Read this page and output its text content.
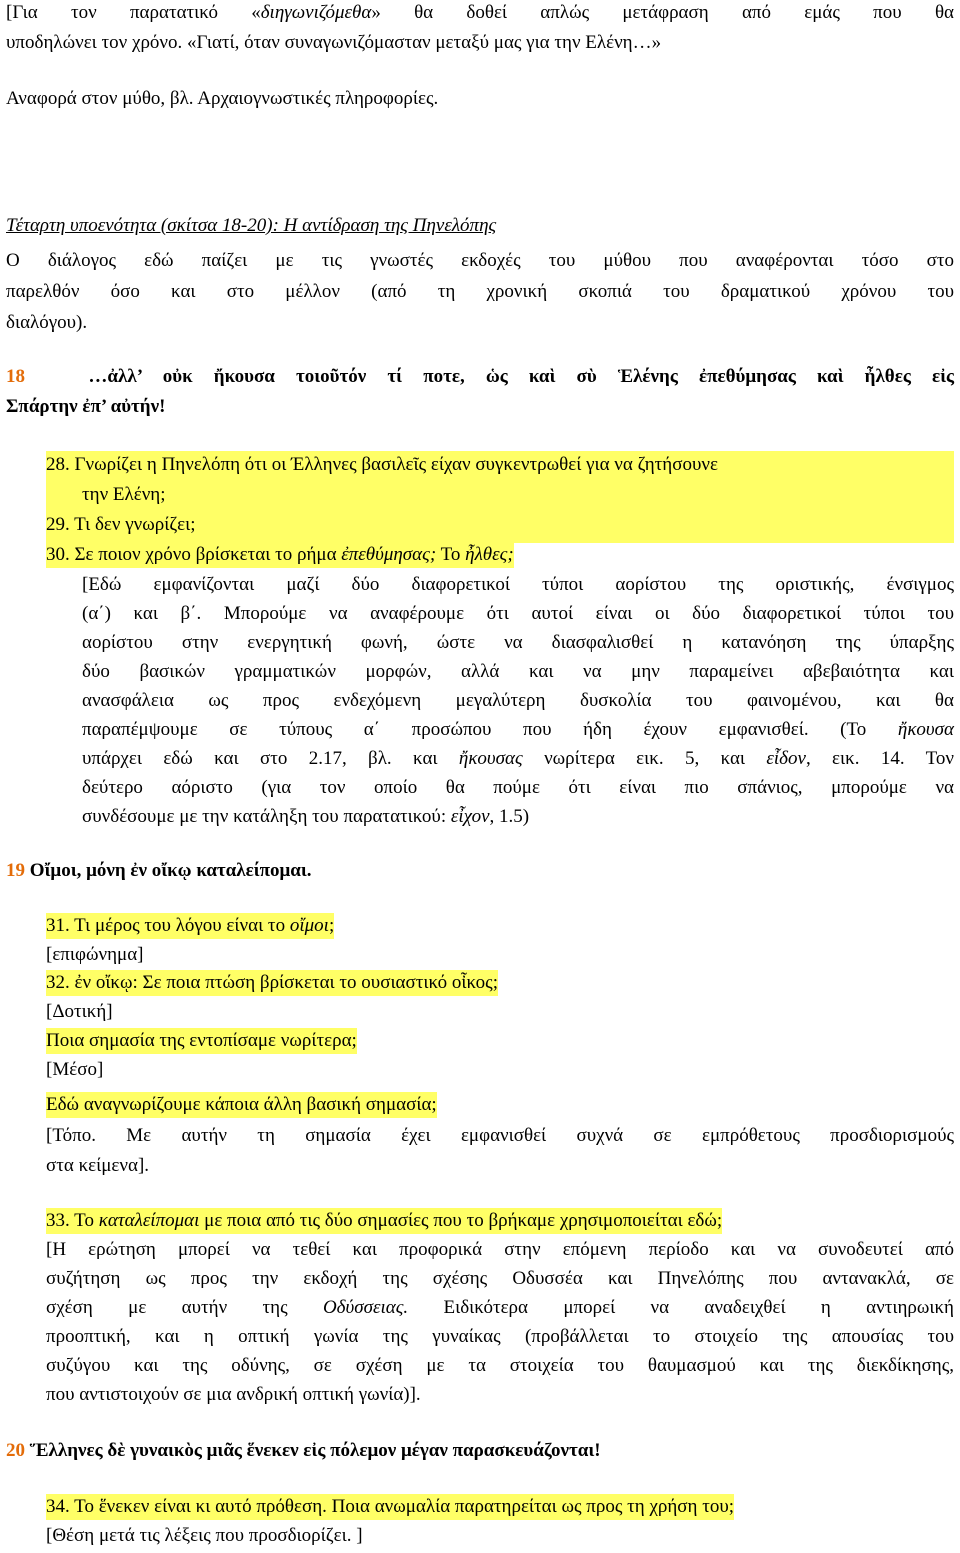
[Για τον παρατατικό «διηγωνιζόμεθα» θα δοθεί απλώς μετάφραση από εμάς που θα
υποδηλώνει τον χρόνο. «Γιατί, όταν συναγωνιζόμασταν μεταξύ μας για την Ελένη…»
Αναφορά στον μύθο, βλ. Αρχαιογνωστικές πληροφορίες.
Τέταρτη υποενότητα (σκίτσα 18-20): Η αντίδραση της Πηνελόπης
Ο διάλογος εδώ παίζει με τις γνωστές εκδοχές του μύθου που αναφέρονται τόσο στο
παρελθόν όσο και στο μέλλον (από τη χρονική σκοπιά του δραματικού χρόνου του
διαλόγου).
18	…ἀλλ’ οὐκ ἤκουσα τοιοῦτόν τί ποτε, ὡς καὶ σὺ Ἑλένης ἐπεθύμησας καὶ ἦλθες εἰς
Σπάρτην ἐπ’ αὐτήν!
28. Γνωρίζει η Πηνελόπη ότι οι Έλληνες βασιλεῖς είχαν συγκεντρωθεί για να ζητήσουνε
την Ελένη;
29. Τι δεν γνωρίζει;
30. Σε ποιον χρόνο βρίσκεται το ρήμα ἐπεθύμησας; Το ἦλθες;
[Εδώ εμφανίζονται μαζί δύο διαφορετικοί τύποι αορίστου της οριστικής, ένσιγμος
(α΄) και β΄. Μπορούμε να αναφέρουμε ότι αυτοί είναι οι δύο διαφορετικοί τύποι του
αορίστου στην ενεργητική φωνή, ώστε να διασφαλισθεί η κατανόηση της ύπαρξης
δύο βασικών γραμματικών μορφών, αλλά και να μην παραμείνει αβεβαιότητα και
ανασφάλεια ως προς ενδεχόμενη μεγαλύτερη δυσκολία του φαινομένου, και θα
παραπέμψουμε σε τύπους α΄ προσώπου που ήδη έχουν εμφανισθεί. (Το ἤκουσα
υπάρχει εδώ και στο 2.17, βλ. και ἤκουσας νωρίτερα εικ. 5, και εἶδον, εικ. 14. Τον
δεύτερο αόριστο (για τον οποίο θα πούμε ότι είναι πιο σπάνιος, μπορούμε να
συνδέσουμε με την κατάληξη του παρατατικού: εἶχον, 1.5)
19 Οἴμοι, μόνη ἐν οἴκῳ καταλείπομαι.
31. Τι μέρος του λόγου είναι το οἴμοι;
[επιφώνημα]
32. ἐν οἴκῳ: Σε ποια πτώση βρίσκεται το ουσιαστικό οἶκος;
[Δοτική]
Ποια σημασία της εντοπίσαμε νωρίτερα;
[Μέσο]
Εδώ αναγνωρίζουμε κάποια άλλη βασική σημασία;
[Τόπο. Με αυτήν τη σημασία έχει εμφανισθεί συχνά σε εμπρόθετους προσδιορισμούς
στα κείμενα].
33. Το καταλείπομαι με ποια από τις δύο σημασίες που το βρήκαμε χρησιμοποιείται εδώ;
[Η ερώτηση μπορεί να τεθεί και προφορικά στην επόμενη περίοδο και να συνοδευτεί από
συζήτηση ως προς την εκδοχή της σχέσης Οδυσσέα και Πηνελόπης που αντανακλά, σε
σχέση με αυτήν της Οδύσσειας. Ειδικότερα μπορεί να αναδειχθεί η αντιηρωική
προοπτική, και η οπτική γωνία της γυναίκας (προβάλλεται το στοιχείο της απουσίας του
συζύγου και της οδύνης, σε σχέση με τα στοιχεία του θαυμασμού και της διεκδίκησης,
που αντιστοιχούν σε μια ανδρική οπτική γωνία)].
20 Ἕλληνες δὲ γυναικὸς μιᾶς ἕνεκεν εἰς πόλεμον μέγαν παρασκευάζονται!
34. Το ἕνεκεν είναι κι αυτό πρόθεση. Ποια ανωμαλία παρατηρείται ως προς τη χρήση του;
[Θέση μετά τις λέξεις που προσδιορίζει. ]
